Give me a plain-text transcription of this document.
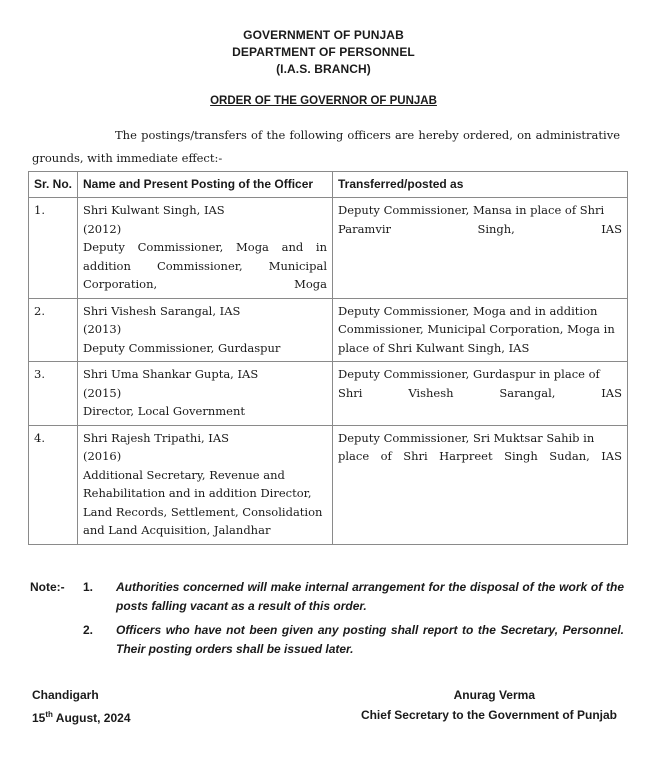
GOVERNMENT OF PUNJAB
DEPARTMENT OF PERSONNEL
(I.A.S. BRANCH)
ORDER OF THE GOVERNOR OF PUNJAB
The postings/transfers of the following officers are hereby ordered, on administrative grounds, with immediate effect:-
Sr. No.	Name and Present Posting of the Officer	Transferred/posted as
1.	Shri Kulwant Singh, IAS
(2012)
Deputy Commissioner, Moga and in addition Commissioner, Municipal Corporation, Moga	Deputy Commissioner, Mansa in place of Shri Paramvir Singh, IAS
2.	Shri Vishesh Sarangal, IAS
(2013)
Deputy Commissioner, Gurdaspur	Deputy Commissioner, Moga and in addition Commissioner, Municipal Corporation, Moga in place of Shri Kulwant Singh, IAS
3.	Shri Uma Shankar Gupta, IAS
(2015)
Director, Local Government	Deputy Commissioner, Gurdaspur in place of Shri Vishesh Sarangal, IAS
4.	Shri Rajesh Tripathi, IAS
(2016)
Additional Secretary, Revenue and Rehabilitation and in addition Director, Land Records, Settlement, Consolidation and Land Acquisition, Jalandhar	Deputy Commissioner, Sri Muktsar Sahib in place of Shri Harpreet Singh Sudan, IAS
Note:- 1. Authorities concerned will make internal arrangement for the disposal of the work of the posts falling vacant as a result of this order.
2. Officers who have not been given any posting shall report to the Secretary, Personnel. Their posting orders shall be issued later.
Chandigarh
15th August, 2024
Anurag Verma
Chief Secretary to the Government of Punjab
